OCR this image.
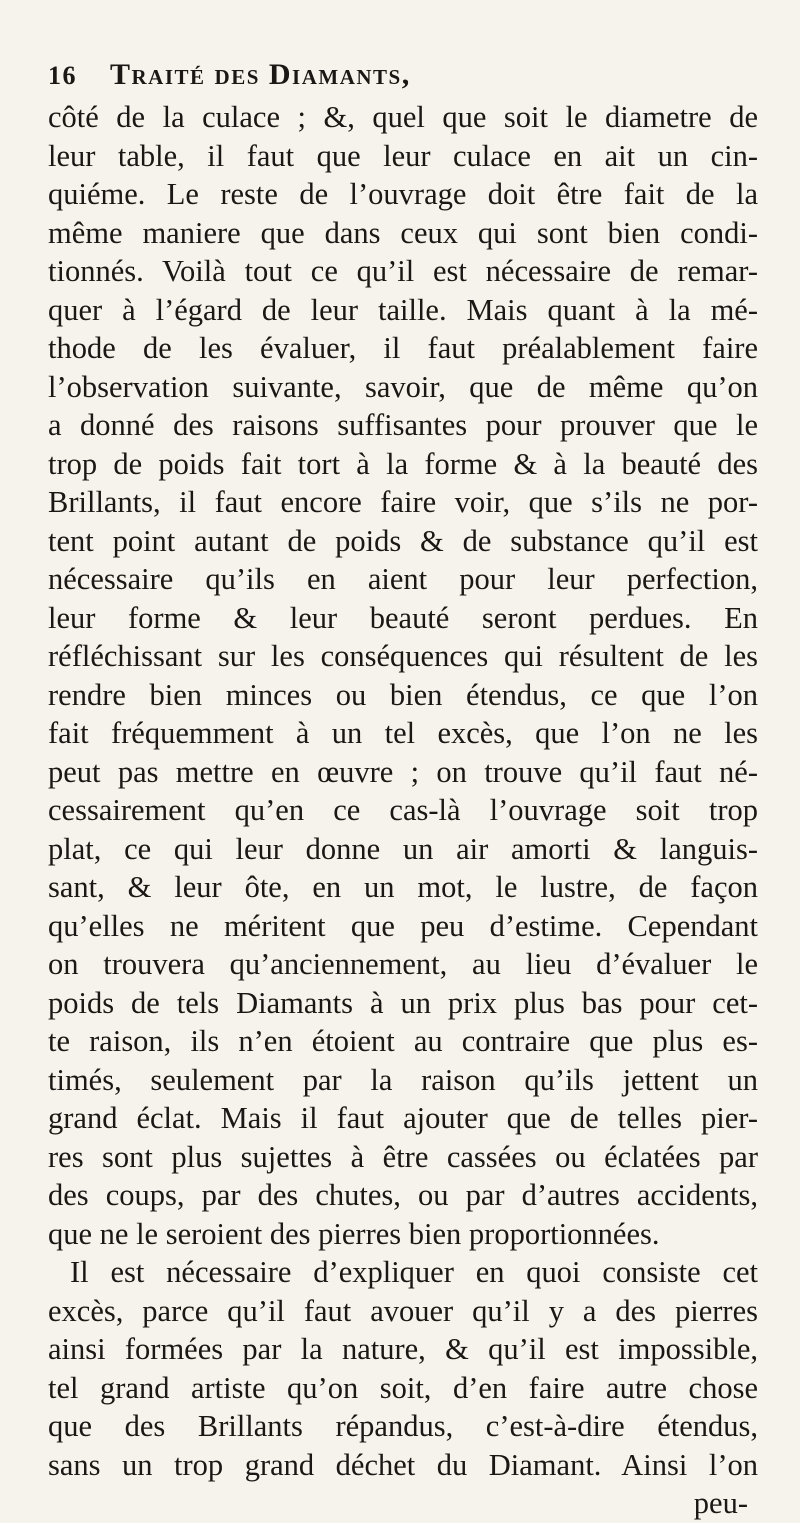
16	Traité des Diamants,
côté de la culace ; &, quel que soit le diametre de
leur table, il faut que leur culace en ait un cin-
quiéme. Le reste de l’ouvrage doit être fait de la
même maniere que dans ceux qui sont bien condi-
tionnés. Voilà tout ce qu’il est nécessaire de remar-
quer à l’égard de leur taille. Mais quant à la mé-
thode de les évaluer, il faut préalablement faire
l’observation suivante, savoir, que de même qu’on
a donné des raisons suffisantes pour prouver que le
trop de poids fait tort à la forme & à la beauté des
Brillants, il faut encore faire voir, que s’ils ne por-
tent point autant de poids & de substance qu’il est
nécessaire qu’ils en aient pour leur perfection,
leur forme & leur beauté seront perdues. En
réfléchissant sur les conséquences qui résultent de les
rendre bien minces ou bien étendus, ce que l’on
fait fréquemment à un tel excès, que l’on ne les
peut pas mettre en œuvre ; on trouve qu’il faut né-
cessairement qu’en ce cas-là l’ouvrage soit trop
plat, ce qui leur donne un air amorti & languis-
sant, & leur ôte, en un mot, le lustre, de façon
qu’elles ne méritent que peu d’estime. Cependant
on trouvera qu’anciennement, au lieu d’évaluer le
poids de tels Diamants à un prix plus bas pour cet-
te raison, ils n’en étoient au contraire que plus es-
timés, seulement par la raison qu’ils jettent un
grand éclat. Mais il faut ajouter que de telles pier-
res sont plus sujettes à être cassées ou éclatées par
des coups, par des chutes, ou par d’autres accidents,
que ne le seroient des pierres bien proportionnées.
Il est nécessaire d’expliquer en quoi consiste cet
excès, parce qu’il faut avouer qu’il y a des pierres
ainsi formées par la nature, & qu’il est impossible,
tel grand artiste qu’on soit, d’en faire autre chose
que des Brillants répandus, c’est-à-dire étendus,
sans un trop grand déchet du Diamant. Ainsi l’on
peu-
